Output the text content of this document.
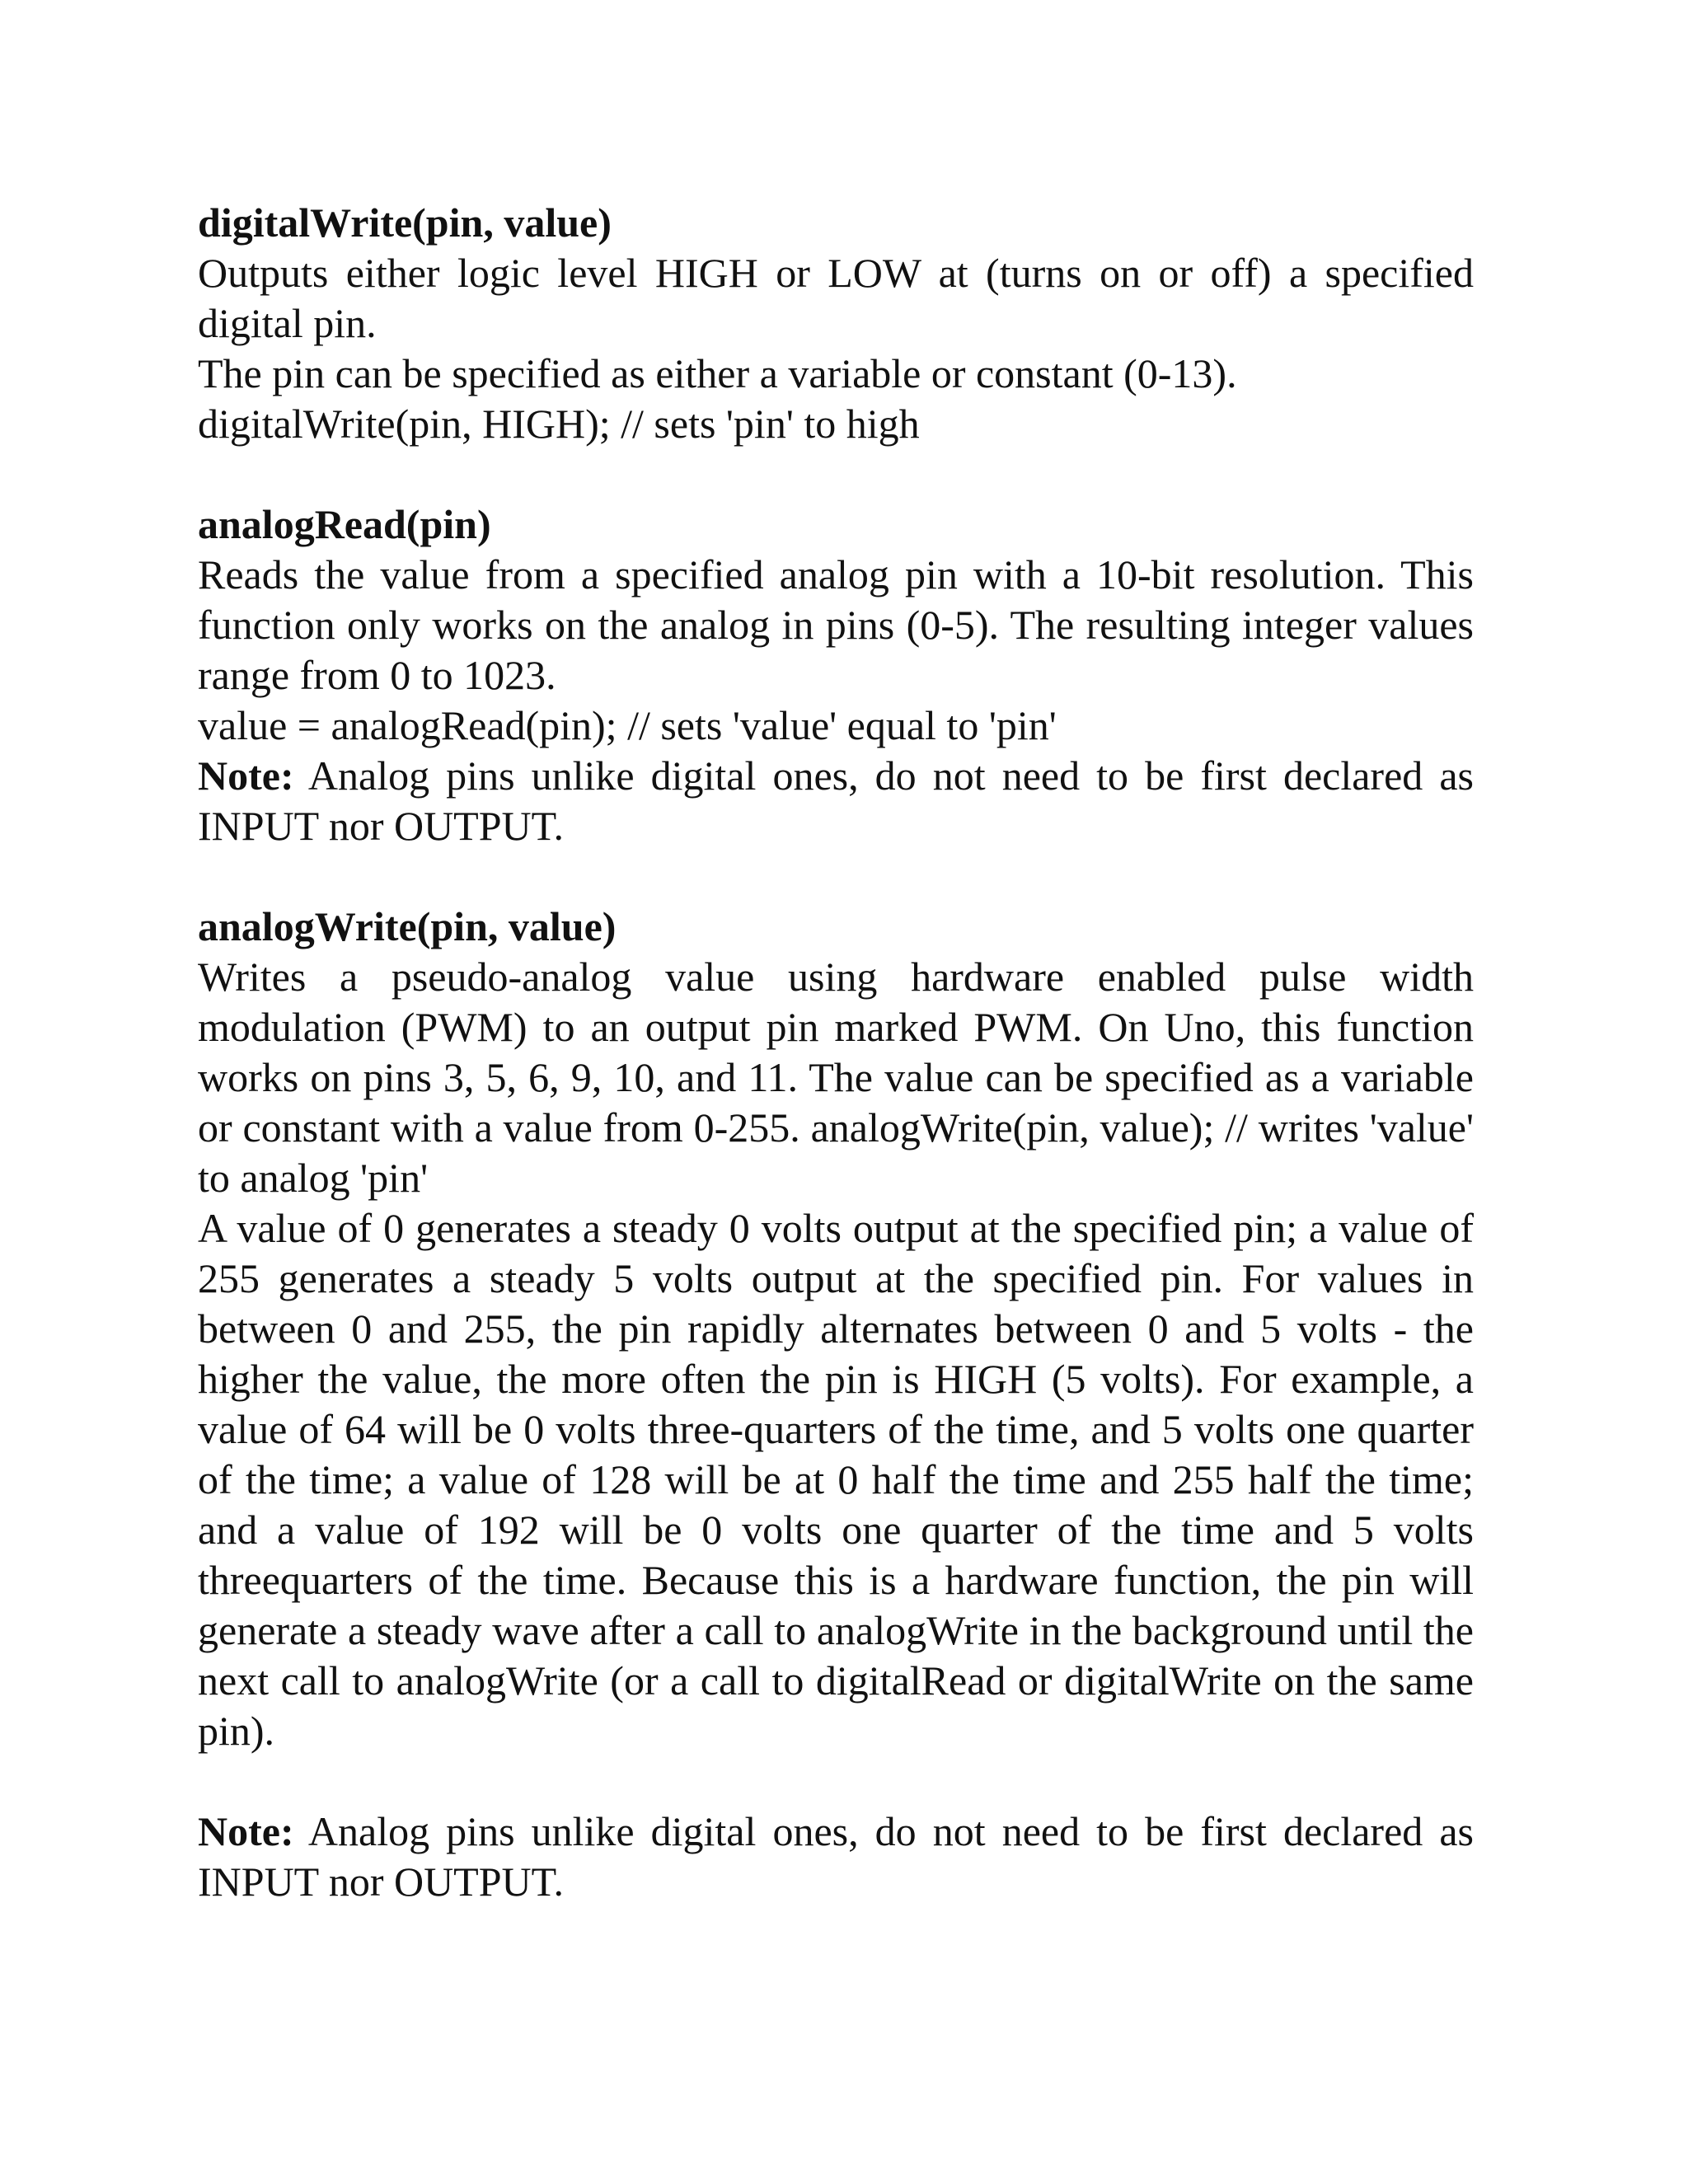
digitalWrite(pin, value)

Outputs either logic level HIGH or LOW at (turns on or off) a specified digital pin.

The pin can be specified as either a variable or constant (0-13).

digitalWrite(pin, HIGH); // sets 'pin' to high

analogRead(pin)

Reads the value from a specified analog pin with a 10-bit resolution. This function only works on the analog in pins (0-5). The resulting integer values range from 0 to 1023.

value = analogRead(pin); // sets 'value' equal to 'pin'

Note: Analog pins unlike digital ones, do not need to be first declared as INPUT nor OUTPUT.

analogWrite(pin, value)

Writes a pseudo-analog value using hardware enabled pulse width modulation (PWM) to an output pin marked PWM. On Uno, this function works on pins 3, 5, 6, 9, 10, and 11. The value can be specified as a variable or constant with a value from 0-255. analogWrite(pin, value); // writes 'value' to analog 'pin'

A value of 0 generates a steady 0 volts output at the specified pin; a value of 255 generates a steady 5 volts output at the specified pin. For values in between 0 and 255, the pin rapidly alternates between 0 and 5 volts - the higher the value, the more often the pin is HIGH (5 volts). For example, a value of 64 will be 0 volts three-quarters of the time, and 5 volts one quarter of the time; a value of 128 will be at 0 half the time and 255 half the time; and a value of 192 will be 0 volts one quarter of the time and 5 volts threequarters of the time. Because this is a hardware function, the pin will generate a steady wave after a call to analogWrite in the background until the next call to analogWrite (or a call to digitalRead or digitalWrite on the same pin).

Note: Analog pins unlike digital ones, do not need to be first declared as INPUT nor OUTPUT.
